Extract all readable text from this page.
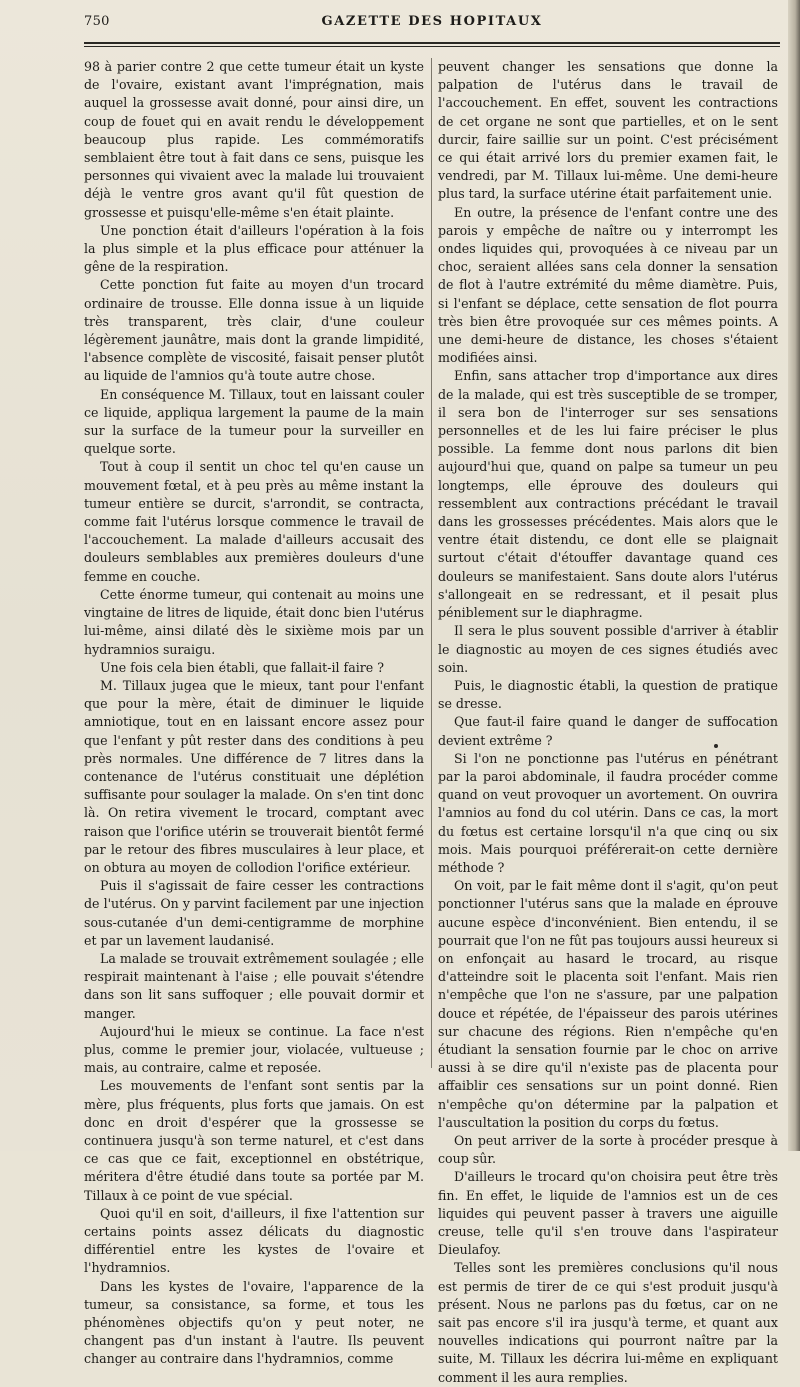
750	GAZETTE DES HOPITAUX

98 à parier contre 2 que cette tumeur était un kyste de l'ovaire, existant avant l'imprégnation, mais auquel la grossesse avait donné, pour ainsi dire, un coup de fouet qui en avait rendu le développement beaucoup plus rapide. Les commémoratifs semblaient être tout à fait dans ce sens, puisque les personnes qui vivaient avec la malade lui trouvaient déjà le ventre gros avant qu'il fût question de grossesse et puisqu'elle-même s'en était plainte.

Une ponction était d'ailleurs l'opération à la fois la plus simple et la plus efficace pour atténuer la gêne de la respiration.

Cette ponction fut faite au moyen d'un trocard ordinaire de trousse. Elle donna issue à un liquide très transparent, très clair, d'une couleur légèrement jaunâtre, mais dont la grande limpidité, l'absence complète de viscosité, faisait penser plutôt au liquide de l'amnios qu'à toute autre chose.

En conséquence M. Tillaux, tout en laissant couler ce liquide, appliqua largement la paume de la main sur la surface de la tumeur pour la surveiller en quelque sorte.

Tout à coup il sentit un choc tel qu'en cause un mouvement fœtal, et à peu près au même instant la tumeur entière se durcit, s'arrondit, se contracta, comme fait l'utérus lorsque commence le travail de l'accouchement. La malade d'ailleurs accusait des douleurs semblables aux premières douleurs d'une femme en couche.

Cette énorme tumeur, qui contenait au moins une vingtaine de litres de liquide, était donc bien l'utérus lui-même, ainsi dilaté dès le sixième mois par un hydramnios suraigu.

Une fois cela bien établi, que fallait-il faire ?

M. Tillaux jugea que le mieux, tant pour l'enfant que pour la mère, était de diminuer le liquide amniotique, tout en en laissant encore assez pour que l'enfant y pût rester dans des conditions à peu près normales. Une différence de 7 litres dans la contenance de l'utérus constituait une déplétion suffisante pour soulager la malade. On s'en tint donc là. On retira vivement le trocard, comptant avec raison que l'orifice utérin se trouverait bientôt fermé par le retour des fibres musculaires à leur place, et on obtura au moyen de collodion l'orifice extérieur.

Puis il s'agissait de faire cesser les contractions de l'utérus. On y parvint facilement par une injection sous-cutanée d'un demi-centigramme de morphine et par un lavement laudanisé.

La malade se trouvait extrêmement soulagée ; elle respirait maintenant à l'aise ; elle pouvait s'étendre dans son lit sans suffoquer ; elle pouvait dormir et manger.

Aujourd'hui le mieux se continue. La face n'est plus, comme le premier jour, violacée, vultueuse ; mais, au contraire, calme et reposée.

Les mouvements de l'enfant sont sentis par la mère, plus fréquents, plus forts que jamais. On est donc en droit d'espérer que la grossesse se continuera jusqu'à son terme naturel, et c'est dans ce cas que ce fait, exceptionnel en obstétrique, méritera d'être étudié dans toute sa portée par M. Tillaux à ce point de vue spécial.

Quoi qu'il en soit, d'ailleurs, il fixe l'attention sur certains points assez délicats du diagnostic différentiel entre les kystes de l'ovaire et l'hydramnios.

Dans les kystes de l'ovaire, l'apparence de la tumeur, sa consistance, sa forme, et tous les phénomènes objectifs qu'on y peut noter, ne changent pas d'un instant à l'autre. Ils peuvent changer au contraire dans l'hydramnios, comme

peuvent changer les sensations que donne la palpation de l'utérus dans le travail de l'accouchement. En effet, souvent les contractions de cet organe ne sont que partielles, et on le sent durcir, faire saillie sur un point. C'est précisément ce qui était arrivé lors du premier examen fait, le vendredi, par M. Tillaux lui-même. Une demi-heure plus tard, la surface utérine était parfaitement unie.

En outre, la présence de l'enfant contre une des parois y empêche de naître ou y interrompt les ondes liquides qui, provoquées à ce niveau par un choc, seraient allées sans cela donner la sensation de flot à l'autre extrémité du même diamètre. Puis, si l'enfant se déplace, cette sensation de flot pourra très bien être provoquée sur ces mêmes points. A une demi-heure de distance, les choses s'étaient modifiées ainsi.

Enfin, sans attacher trop d'importance aux dires de la malade, qui est très susceptible de se tromper, il sera bon de l'interroger sur ses sensations personnelles et de les lui faire préciser le plus possible. La femme dont nous parlons dit bien aujourd'hui que, quand on palpe sa tumeur un peu longtemps, elle éprouve des douleurs qui ressemblent aux contractions précédant le travail dans les grossesses précédentes. Mais alors que le ventre était distendu, ce dont elle se plaignait surtout c'était d'étouffer davantage quand ces douleurs se manifestaient. Sans doute alors l'utérus s'allongeait en se redressant, et il pesait plus péniblement sur le diaphragme.

Il sera le plus souvent possible d'arriver à établir le diagnostic au moyen de ces signes étudiés avec soin.

Puis, le diagnostic établi, la question de pratique se dresse.

Que faut-il faire quand le danger de suffocation devient extrême ?

Si l'on ne ponctionne pas l'utérus en pénétrant par la paroi abdominale, il faudra procéder comme quand on veut provoquer un avortement. On ouvrira l'amnios au fond du col utérin. Dans ce cas, la mort du fœtus est certaine lorsqu'il n'a que cinq ou six mois. Mais pourquoi préférerait-on cette dernière méthode ?

On voit, par le fait même dont il s'agit, qu'on peut ponctionner l'utérus sans que la malade en éprouve aucune espèce d'inconvénient. Bien entendu, il se pourrait que l'on ne fût pas toujours aussi heureux si on enfonçait au hasard le trocard, au risque d'atteindre soit le placenta soit l'enfant. Mais rien n'empêche que l'on ne s'assure, par une palpation douce et répétée, de l'épaisseur des parois utérines sur chacune des régions. Rien n'empêche qu'en étudiant la sensation fournie par le choc on arrive aussi à se dire qu'il n'existe pas de placenta pour affaiblir ces sensations sur un point donné. Rien n'empêche qu'on détermine par la palpation et l'auscultation la position du corps du fœtus.

On peut arriver de la sorte à procéder presque à coup sûr.

D'ailleurs le trocard qu'on choisira peut être très fin. En effet, le liquide de l'amnios est un de ces liquides qui peuvent passer à travers une aiguille creuse, telle qu'il s'en trouve dans l'aspirateur Dieulafoy.

Telles sont les premières conclusions qu'il nous est permis de tirer de ce qui s'est produit jusqu'à présent. Nous ne parlons pas du fœtus, car on ne sait pas encore s'il ira jusqu'à terme, et quant aux nouvelles indications qui pourront naître par la suite, M. Tillaux les décrira lui-même en expliquant comment il les aura remplies.
